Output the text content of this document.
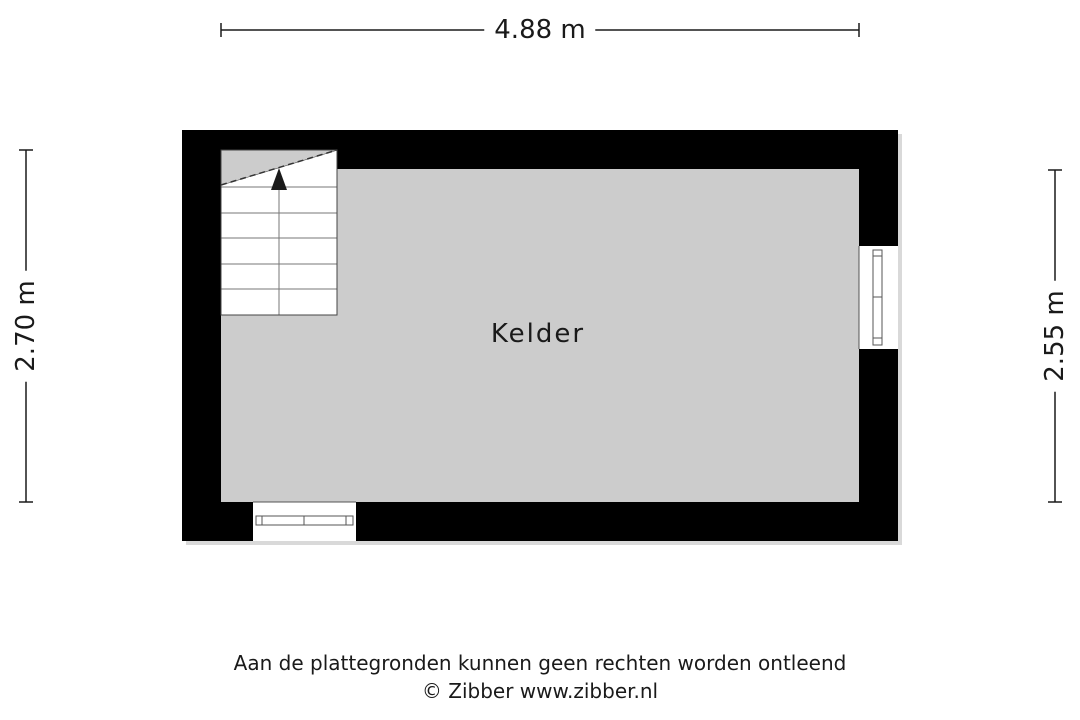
4.88 m
2.70 m	2.55 m
Kelder
Aan de plattegronden kunnen geen rechten worden ontleend
© Zibber www.zibber.nl
